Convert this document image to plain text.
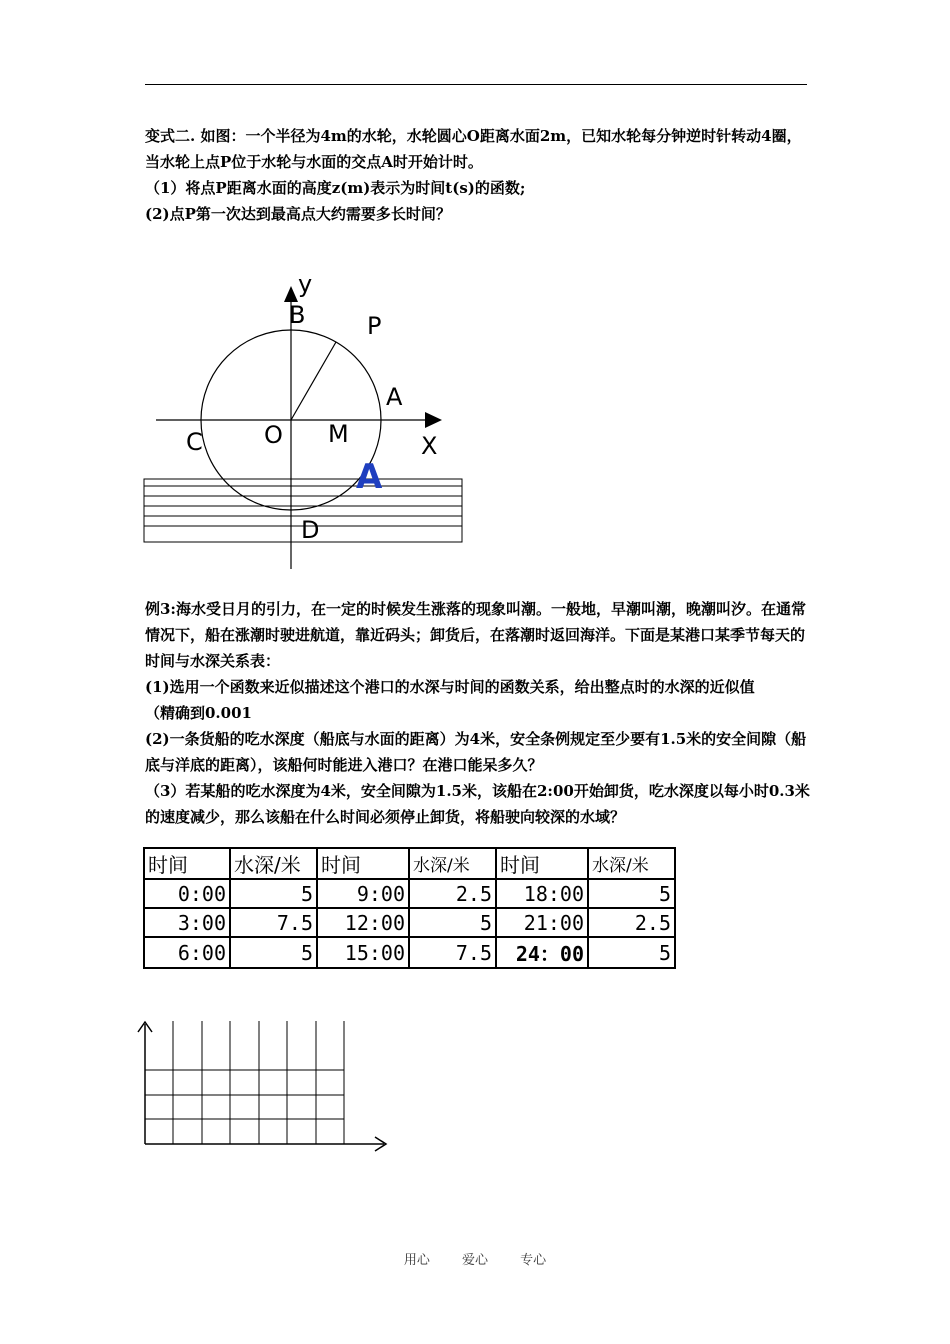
变式二. 如图：一个半径为4m的水轮，水轮圆心O距离水面2m，已知水轮每分钟逆时针转动4圈，当水轮上点P位于水轮与水面的交点A时开始计时。

（1）将点P距离水面的高度z(m)表示为时间t(s)的函数;

(2)点P第一次达到最高点大约需要多长时间？

y
B	P
A
O M	X
C
A
D

例3:海水受日月的引力，在一定的时候发生涨落的现象叫潮。一般地，早潮叫潮，晚潮叫汐。在通常情况下，船在涨潮时驶进航道，靠近码头；卸货后，在落潮时返回海洋。下面是某港口某季节每天的时间与水深关系表：

(1)选用一个函数来近似描述这个港口的水深与时间的函数关系，给出整点时的水深的近似值

（精确到0.001

(2)一条货船的吃水深度（船底与水面的距离）为4米，安全条例规定至少要有1.5米的安全间隙（船底与洋底的距离），该船何时能进入港口？在港口能呆多久？

（3）若某船的吃水深度为4米，安全间隙为1.5米，该船在2:00开始卸货，吃水深度以每小时0.3米的速度减少，那么该船在什么时间必须停止卸货，将船驶向较深的水域？

时间	水深/米	时间	水深/米	时间	水深/米
0:00	5	9:00	2.5	18:00	5
3:00	7.5	12:00	5	21:00	2.5
6:00	5	15:00	7.5	24：00	5
用心 爱心 专心
